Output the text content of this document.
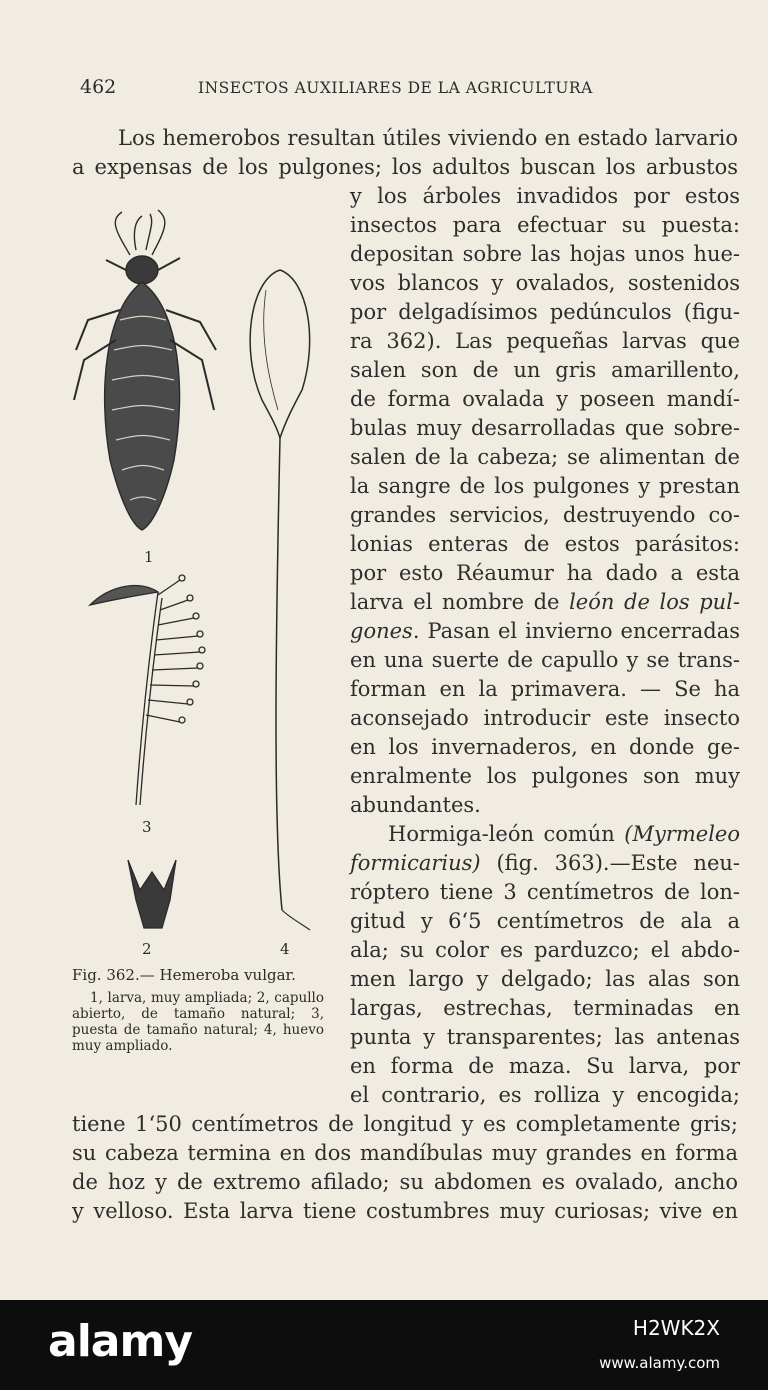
462	INSECTOS AUXILIARES DE LA AGRICULTURA
Los hemerobos resultan útiles viviendo en estado larvario
a expensas de los pulgones; los adultos buscan los arbustos
y los árboles invadidos por estos
insectos para efectuar su puesta:
depositan sobre las hojas unos hue-
vos blancos y ovalados, sostenidos
por delgadísimos pedúnculos (figu-
ra 362). Las pequeñas larvas que
salen son de un gris amarillento,
de forma ovalada y poseen mandí-
bulas muy desarrolladas que sobre-
salen de la cabeza; se alimentan de
la sangre de los pulgones y prestan
grandes servicios, destruyendo co-
lonias enteras de estos parásitos:
por esto Réaumur ha dado a esta
larva el nombre de león de los pul-
gones. Pasan el invierno encerradas
en una suerte de capullo y se trans-
forman en la primavera. — Se ha
aconsejado introducir este insecto
en los invernaderos, en donde ge-
enralmente los pulgones son muy
abundantes.
Hormiga-león común (Myrmeleo
formicarius) (fig. 363).—Este neu-
róptero tiene 3 centímetros de lon-
gitud y 6‘5 centímetros de ala a
ala; su color es parduzco; el abdo-
men largo y delgado; las alas son
largas, estrechas, terminadas en
punta y transparentes; las antenas
en forma de maza. Su larva, por
el contrario, es rolliza y encogida;
tiene 1‘50 centímetros de longitud y es completamente gris;
su cabeza termina en dos mandíbulas muy grandes en forma
de hoz y de extremo afilado; su abdomen es ovalado, ancho
y velloso. Esta larva tiene costumbres muy curiosas; vive en
1
3
2	4
Fig. 362.— Hemeroba vulgar.
1, larva, muy ampliada; 2, capullo abierto, de tamaño natural; 3, puesta de tamaño natural; 4, huevo muy ampliado.
alamy	H2WK2X
www.alamy.com
